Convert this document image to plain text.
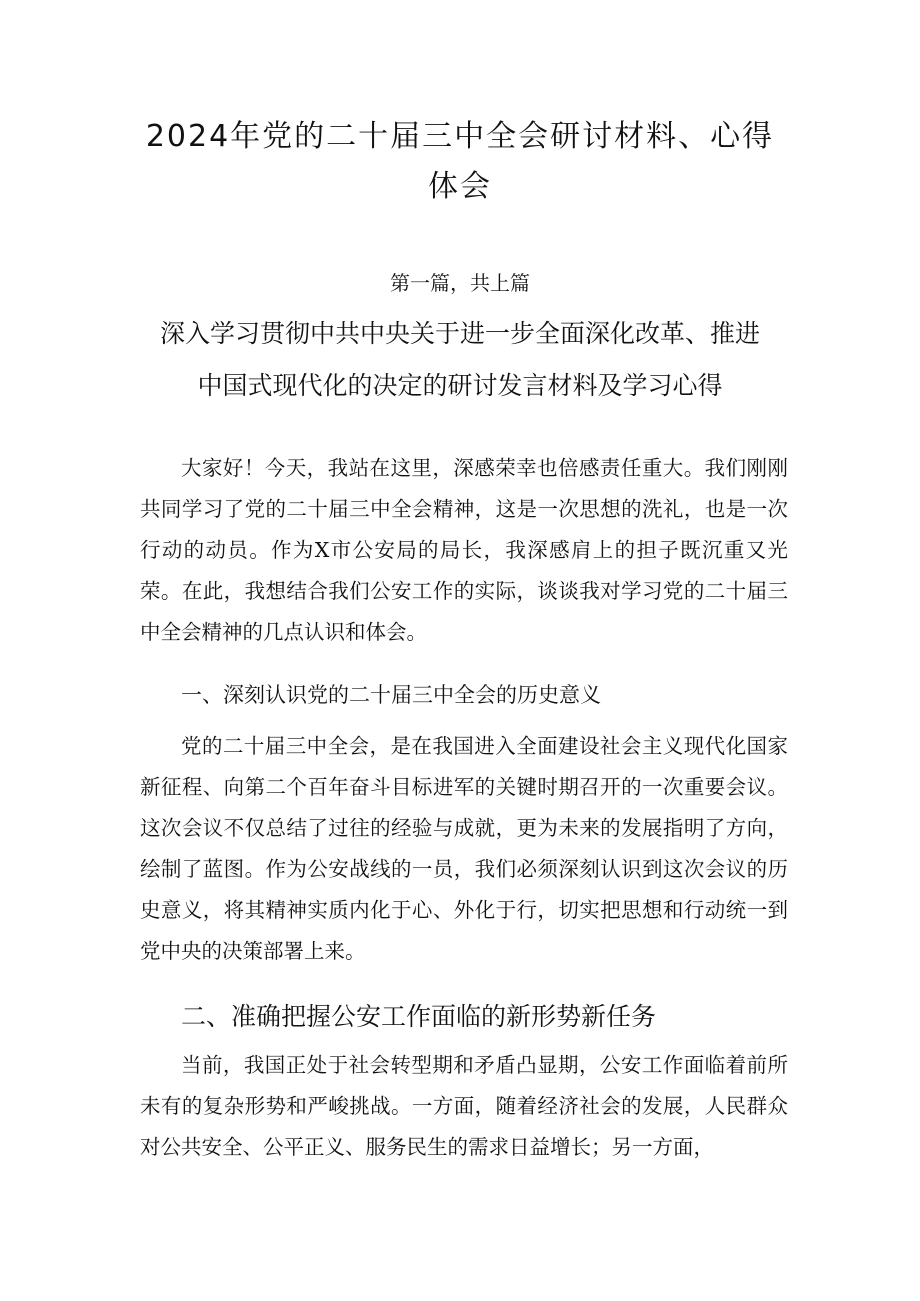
2024年党的二十届三中全会研讨材料、心得体会

第一篇，共上篇

深入学习贯彻中共中央关于进一步全面深化改革、推进中国式现代化的决定的研讨发言材料及学习心得

大家好！今天，我站在这里，深感荣幸也倍感责任重大。我们刚刚共同学习了党的二十届三中全会精神，这是一次思想的洗礼，也是一次行动的动员。作为X市公安局的局长，我深感肩上的担子既沉重又光荣。在此，我想结合我们公安工作的实际，谈谈我对学习党的二十届三中全会精神的几点认识和体会。

一、深刻认识党的二十届三中全会的历史意义

党的二十届三中全会，是在我国进入全面建设社会主义现代化国家新征程、向第二个百年奋斗目标进军的关键时期召开的一次重要会议。这次会议不仅总结了过往的经验与成就，更为未来的发展指明了方向，绘制了蓝图。作为公安战线的一员，我们必须深刻认识到这次会议的历史意义，将其精神实质内化于心、外化于行，切实把思想和行动统一到党中央的决策部署上来。

二、准确把握公安工作面临的新形势新任务

当前，我国正处于社会转型期和矛盾凸显期，公安工作面临着前所未有的复杂形势和严峻挑战。一方面，随着经济社会的发展，人民群众对公共安全、公平正义、服务民生的需求日益增长；另一方面，
